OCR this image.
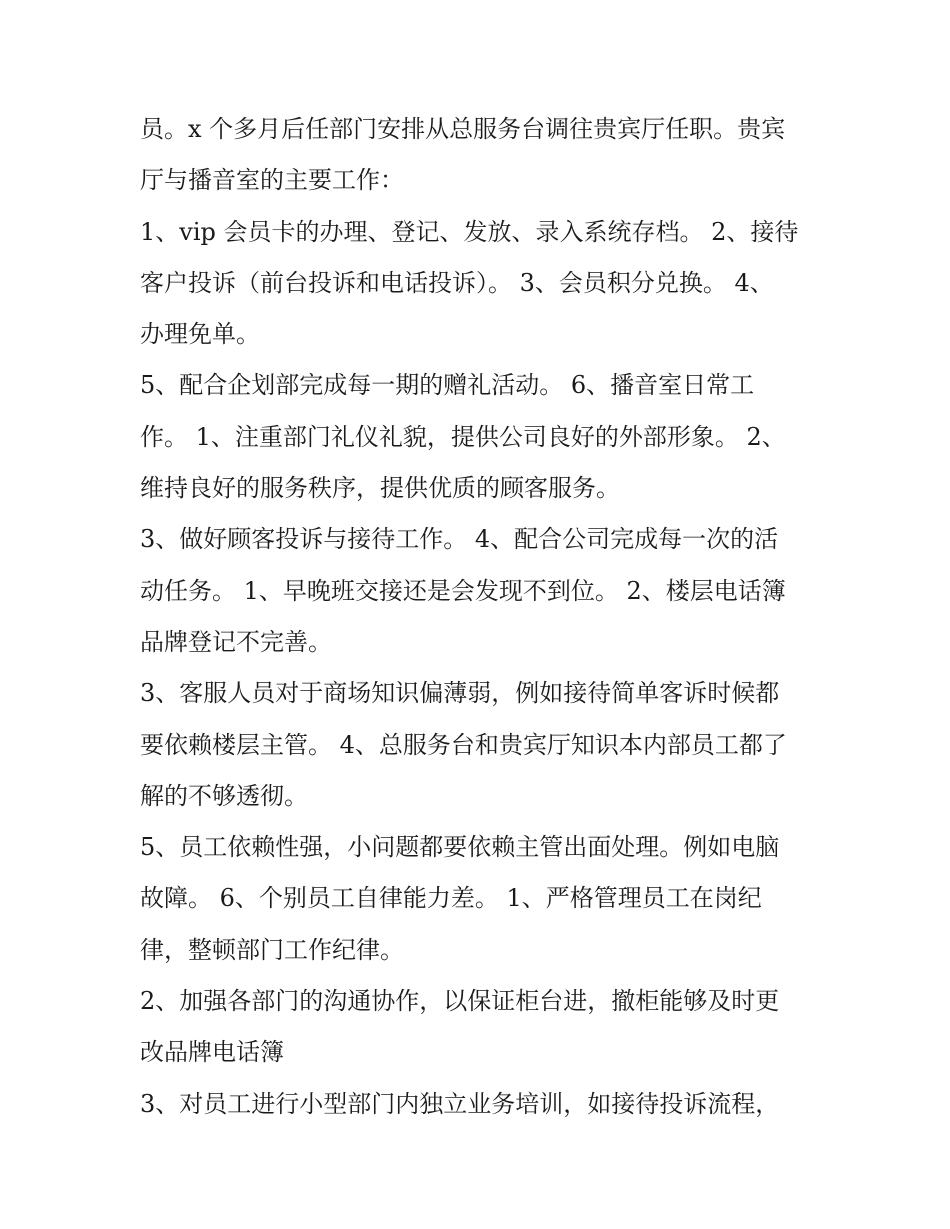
员。x 个多月后任部门安排从总服务台调往贵宾厅任职。贵宾
厅与播音室的主要工作：
1、vip 会员卡的办理、登记、发放、录入系统存档。 2、接待
客户投诉（前台投诉和电话投诉）。 3、会员积分兑换。 4、
办理免单。
5、配合企划部完成每一期的赠礼活动。 6、播音室日常工
作。 1、注重部门礼仪礼貌，提供公司良好的外部形象。 2、
维持良好的服务秩序，提供优质的顾客服务。
3、做好顾客投诉与接待工作。 4、配合公司完成每一次的活
动任务。 1、早晚班交接还是会发现不到位。 2、楼层电话簿
品牌登记不完善。
3、客服人员对于商场知识偏薄弱，例如接待简单客诉时候都
要依赖楼层主管。 4、总服务台和贵宾厅知识本内部员工都了
解的不够透彻。
5、员工依赖性强，小问题都要依赖主管出面处理。例如电脑
故障。 6、个别员工自律能力差。 1、严格管理员工在岗纪
律，整顿部门工作纪律。
2、加强各部门的沟通协作，以保证柜台进，撤柜能够及时更
改品牌电话簿
3、对员工进行小型部门内独立业务培训，如接待投诉流程，
